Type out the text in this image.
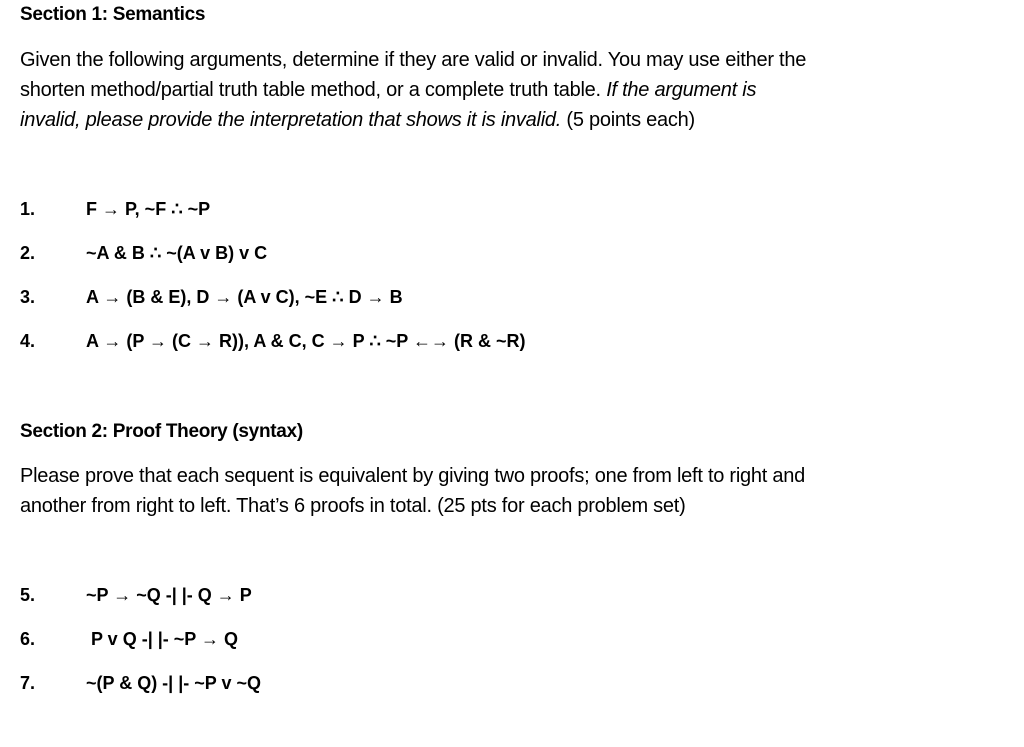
Section 1: Semantics
Given the following arguments, determine if they are valid or invalid. You may use either the
shorten method/partial truth table method, or a complete truth table. If the argument is
invalid, please provide the interpretation that shows it is invalid. (5 points each)
1.	F → P, ~F ∴ ~P
2.	~A & B ∴ ~(A v B) v C
3.	A → (B & E), D → (A v C), ~E ∴ D → B
4.	A → (P → (C → R)), A & C, C → P ∴ ~P ←→ (R & ~R)
Section 2: Proof Theory (syntax)
Please prove that each sequent is equivalent by giving two proofs; one from left to right and
another from right to left. That’s 6 proofs in total. (25 pts for each problem set)
5.	~P → ~Q -| |- Q → P
6.	P v Q -| |- ~P → Q
7.	~(P & Q) -| |- ~P v ~Q
